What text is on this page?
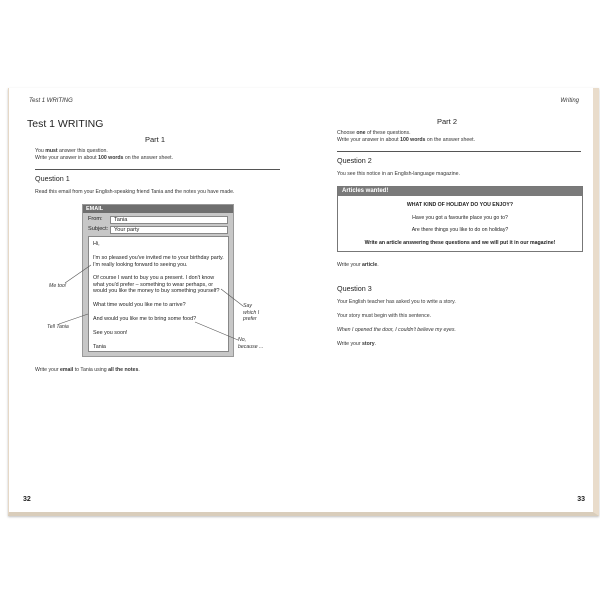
Test 1 WRITING

Test 1 WRITING

Part 1

You must answer this question.

Write your answer in about 100 words on the answer sheet.

Question 1

Read this email from your English-speaking friend Tania and the notes you have made.

EMAIL
From:	Tania
Subject:	Your party
Hi,
I'm so pleased you've invited me to your birthday party.
I'm really looking forward to seeing you.
Of course I want to buy you a present. I don't know
what you'd prefer – something to wear perhaps, or
would you like the money to buy something yourself?
What time would you like me to arrive?
And would you like me to bring some food?
See you soon!
Tania
Me too!
Tell Tania
Say
which I
prefer
No,
because ...

Write your email to Tania using all the notes.

32

Writing

Part 2

Choose one of these questions.

Write your answer in about 100 words on the answer sheet.

Question 2

You see this notice in an English-language magazine.

Articles wanted!
WHAT KIND OF HOLIDAY DO YOU ENJOY?
Have you got a favourite place you go to?
Are there things you like to do on holiday?
Write an article answering these questions and we will put it in our magazine!

Write your article.

Question 3

Your English teacher has asked you to write a story.

Your story must begin with this sentence.

When I opened the door, I couldn't believe my eyes.

Write your story.

33
